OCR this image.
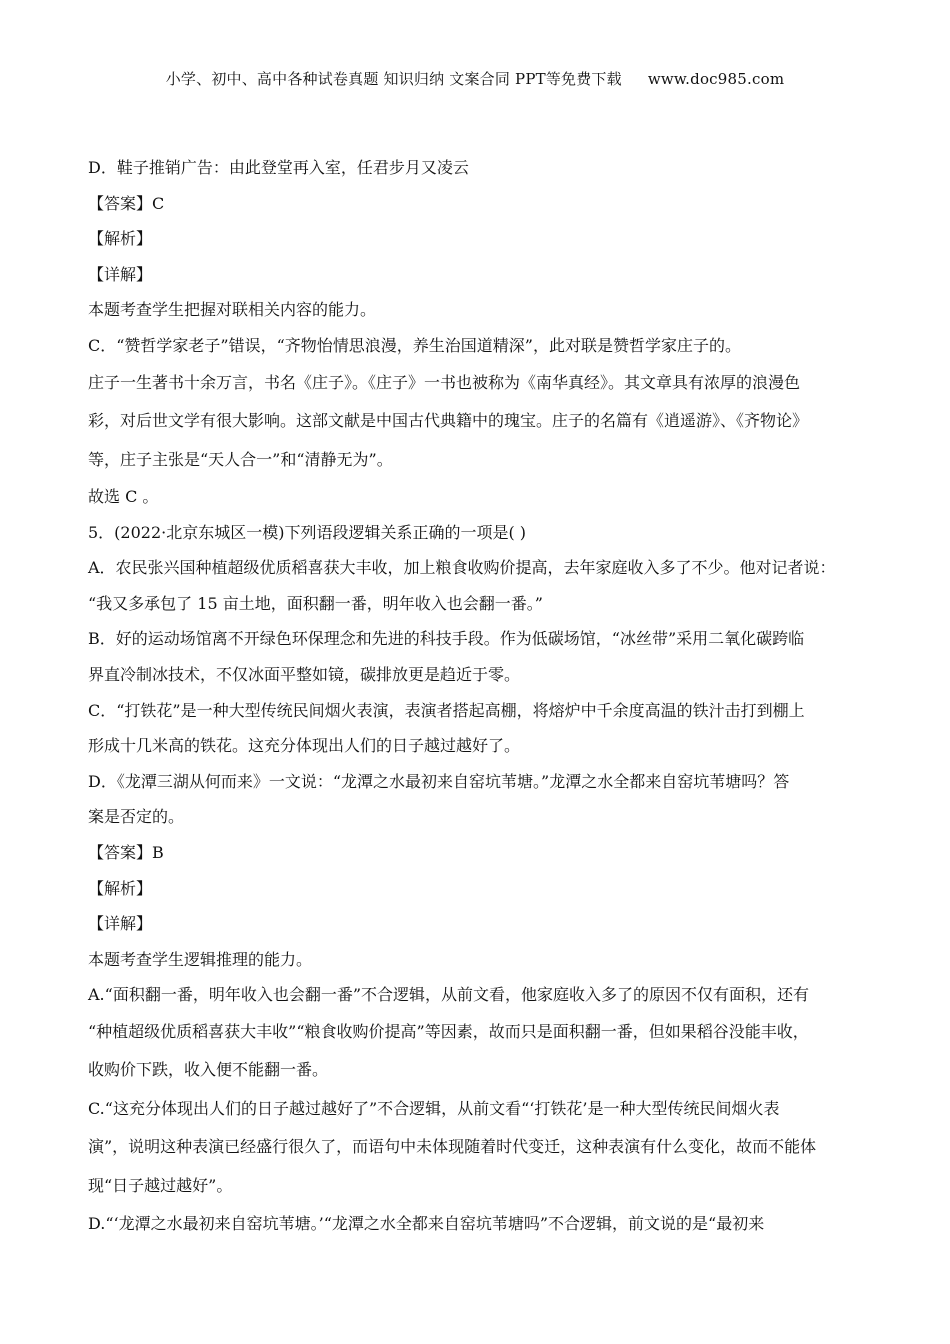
小学、初中、高中各种试卷真题 知识归纳 文案合同 PPT等免费下载 www.doc985.com
D．鞋子推销广告：由此登堂再入室，任君步月又凌云
【答案】C
【解析】
【详解】
本题考查学生把握对联相关内容的能力。
C．“赞哲学家老子”错误，“齐物怡情思浪漫，养生治国道精深”，此对联是赞哲学家庄子的。
庄子一生著书十余万言，书名《庄子》。《庄子》一书也被称为《南华真经》。其文章具有浓厚的浪漫色
彩，对后世文学有很大影响。这部文献是中国古代典籍中的瑰宝。庄子的名篇有《逍遥游》、《齐物论》
等，庄子主张是“天人合一”和“清静无为”。
故选 C 。
5．(2022·北京东城区一模)下列语段逻辑关系正确的一项是( )
A．农民张兴国种植超级优质稻喜获大丰收，加上粮食收购价提高，去年家庭收入多了不少。他对记者说：
“我又多承包了 15 亩土地，面积翻一番，明年收入也会翻一番。”
B．好的运动场馆离不开绿色环保理念和先进的科技手段。作为低碳场馆，“冰丝带”采用二氧化碳跨临
界直冷制冰技术，不仅冰面平整如镜，碳排放更是趋近于零。
C．“打铁花”是一种大型传统民间烟火表演，表演者搭起高棚，将熔炉中千余度高温的铁汁击打到棚上
形成十几米高的铁花。这充分体现出人们的日子越过越好了。
D．《龙潭三湖从何而来》一文说：“龙潭之水最初来自窑坑苇塘。”龙潭之水全都来自窑坑苇塘吗？答
案是否定的。
【答案】B
【解析】
【详解】
本题考查学生逻辑推理的能力。
A.“面积翻一番，明年收入也会翻一番”不合逻辑，从前文看，他家庭收入多了的原因不仅有面积，还有
“种植超级优质稻喜获大丰收”“粮食收购价提高”等因素，故而只是面积翻一番，但如果稻谷没能丰收，
收购价下跌，收入便不能翻一番。
C.“这充分体现出人们的日子越过越好了”不合逻辑，从前文看“‘打铁花’是一种大型传统民间烟火表
演”，说明这种表演已经盛行很久了，而语句中未体现随着时代变迁，这种表演有什么变化，故而不能体
现“日子越过越好”。
D.“‘龙潭之水最初来自窑坑苇塘。’“龙潭之水全都来自窑坑苇塘吗”不合逻辑，前文说的是“最初来
